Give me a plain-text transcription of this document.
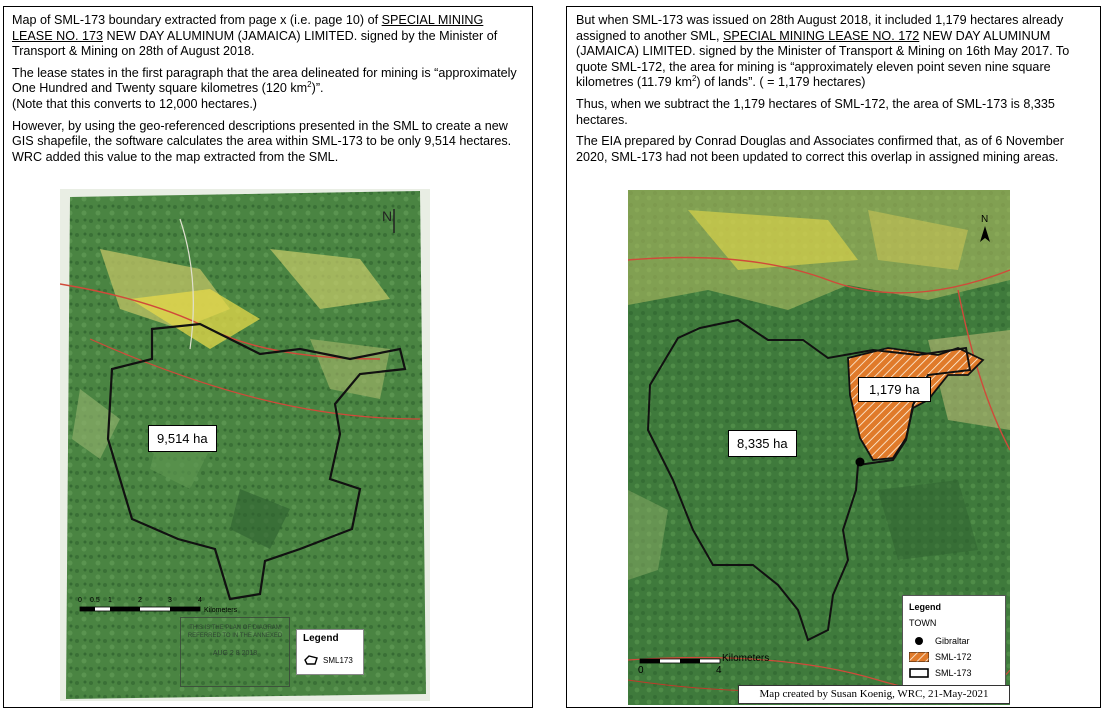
Map of SML-173 boundary extracted from page x (i.e. page 10) of SPECIAL MINING LEASE NO. 173 NEW DAY ALUMINUM (JAMAICA) LIMITED. signed by the Minister of Transport & Mining on 28th of August 2018.

The lease states in the first paragraph that the area delineated for mining is “approximately One Hundred and Twenty square kilometres (120 $km^2$)”.

(Note that this converts to 12,000 hectares.)

However, by using the geo-referenced descriptions presented in the SML to create a new GIS shapefile, the software calculates the area within SML-173 to be only 9,514 hectares. WRC added this value to the map extracted from the SML.

N
9,514 ha
0 0.5 1	2	3	4
Kilometers
THIS IS THE PLAN OF DIAGRAM REFERRED TO IN THE ANNEXED
AUG 2 8 2018
Legend
SML173

But when SML-173 was issued on 28th August 2018, it included 1,179 hectares already assigned to another SML, SPECIAL MINING LEASE NO. 172 NEW DAY ALUMINUM (JAMAICA) LIMITED. signed by the Minister of Transport & Mining on 16th May 2017. To quote SML-172, the area for mining is “approximately eleven point seven nine square kilometres (11.79 $km^2$) of lands”. ( = 1,179 hectares)

Thus, when we subtract the 1,179 hectares of SML-172, the area of SML-173 is 8,335 hectares.

The EIA prepared by Conrad Douglas and Associates confirmed that, as of 6 November 2020, SML-173 had not been updated to correct this overlap in assigned mining areas.

N
1,179 ha
8,335 ha
0	4
Kilometers
Legend
TOWN
Gibraltar
SML-172
SML-173
Map created by Susan Koenig, WRC, 21-May-2021
